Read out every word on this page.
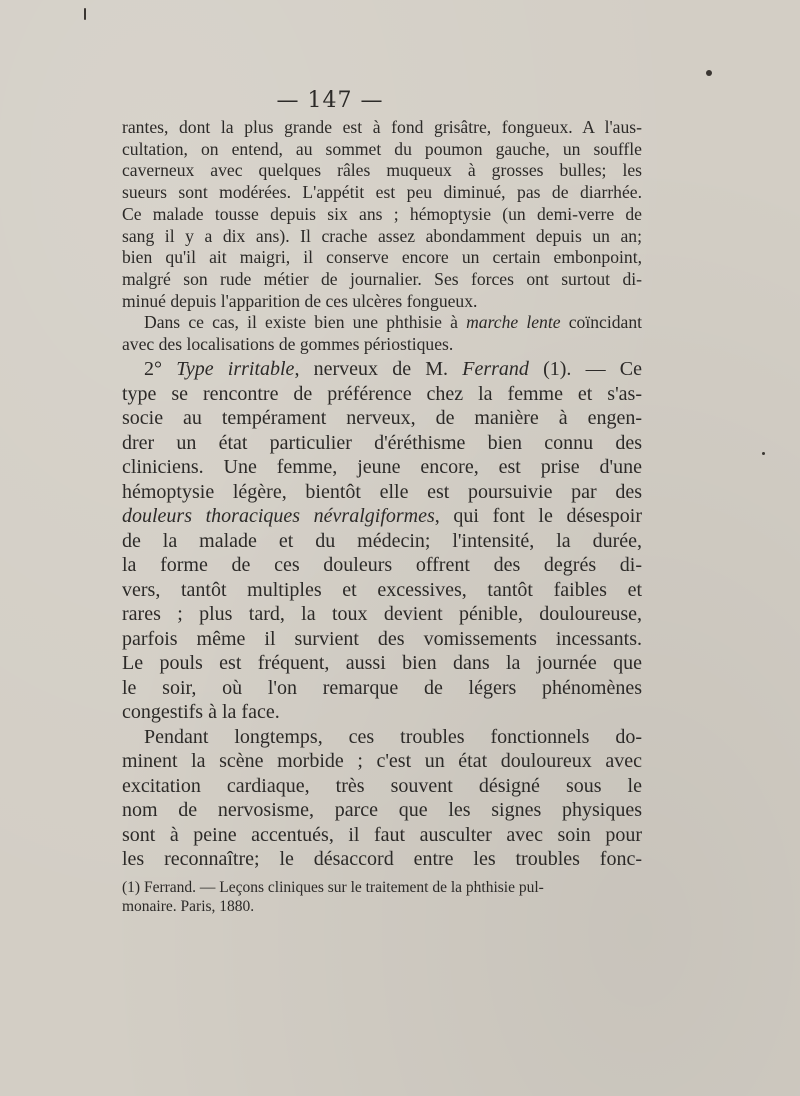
— 147 —
rantes, dont la plus grande est à fond grisâtre, fongueux. A l'aus-
cultation, on entend, au sommet du poumon gauche, un souffle
caverneux avec quelques râles muqueux à grosses bulles; les
sueurs sont modérées. L'appétit est peu diminué, pas de diarrhée.
Ce malade tousse depuis six ans ; hémoptysie (un demi-verre de
sang il y a dix ans). Il crache assez abondamment depuis un an;
bien qu'il ait maigri, il conserve encore un certain embonpoint,
malgré son rude métier de journalier. Ses forces ont surtout di-
minué depuis l'apparition de ces ulcères fongueux.
Dans ce cas, il existe bien une phthisie à marche lente coïncidant
avec des localisations de gommes périostiques.
2° Type irritable, nerveux de M. Ferrand (1). — Ce
type se rencontre de préférence chez la femme et s'as-
socie au tempérament nerveux, de manière à engen-
drer un état particulier d'éréthisme bien connu des
cliniciens. Une femme, jeune encore, est prise d'une
hémoptysie légère, bientôt elle est poursuivie par des
douleurs thoraciques névralgiformes, qui font le désespoir
de la malade et du médecin; l'intensité, la durée,
la forme de ces douleurs offrent des degrés di-
vers, tantôt multiples et excessives, tantôt faibles et
rares ; plus tard, la toux devient pénible, douloureuse,
parfois même il survient des vomissements incessants.
Le pouls est fréquent, aussi bien dans la journée que
le soir, où l'on remarque de légers phénomènes
congestifs à la face.
Pendant longtemps, ces troubles fonctionnels do-
minent la scène morbide ; c'est un état douloureux avec
excitation cardiaque, très souvent désigné sous le
nom de nervosisme, parce que les signes physiques
sont à peine accentués, il faut ausculter avec soin pour
les reconnaître; le désaccord entre les troubles fonc-
(1) Ferrand. — Leçons cliniques sur le traitement de la phthisie pul-
monaire. Paris, 1880.
